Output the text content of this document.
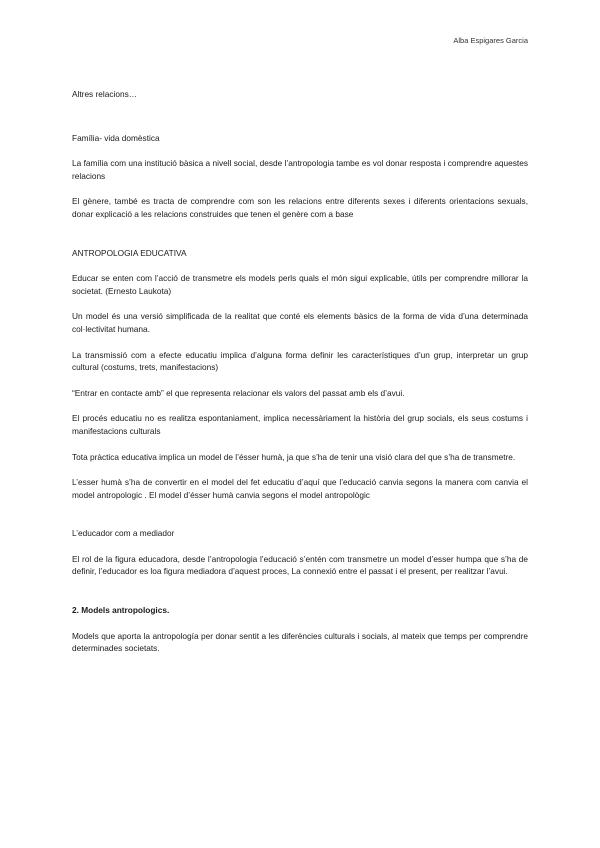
Alba Espigares Garcia

Altres relacions…

Família- vida domèstica

La família com una institució bàsica a nivell social, desde l’antropologia tambe es vol donar resposta i comprendre aquestes relacions

El gènere, també es tracta de comprendre com son les relacions entre diferents sexes i diferents orientacions sexuals, donar explicació a les relacions construides que tenen el genère com a base

ANTROPOLOGIA EDUCATIVA

Educar se enten com l’acció de transmetre els models perls quals el món sigui explicable, útils per comprendre millorar la societat. (Ernesto Laukota)

Un model és una versió simplificada de la realitat que conté els elements bàsics de la forma de vida d’una determinada col·lectivitat humana.

La transmissió com a efecte educatiu implica d’alguna forma definir les característiques d’un grup, interpretar un grup cultural (costums, trets, manifestacions)

“Entrar en contacte amb” el que representa relacionar els valors del passat amb els d’avui.

El procés educatiu no es realitza espontaniament, implica necessàriament la història del grup socials, els seus costums i manifestacions culturals

Tota pràctica educativa implica un model de l’ésser humà, ja que s’ha de tenir una visió clara del que s’ha de transmetre.

L’esser humà s’ha de convertir en el model del fet educatiu d’aquí que l’educació canvia segons la manera com canvia el model antropologic . El model d’ésser humà canvia segons el model antropològic

L’educador com a mediador

El rol de la figura educadora, desde l’antropologia l’educació s’entén com transmetre un model d’esser humpa que s’ha de definir, l’educador es loa figura mediadora d’aquest proces, La connexió entre el passat i el present, per realitzar l’avui.

2. Models antropologics.

Models que aporta la antropología per donar sentit a les diferències culturals i socials, al mateix que temps per comprendre determinades societats.
